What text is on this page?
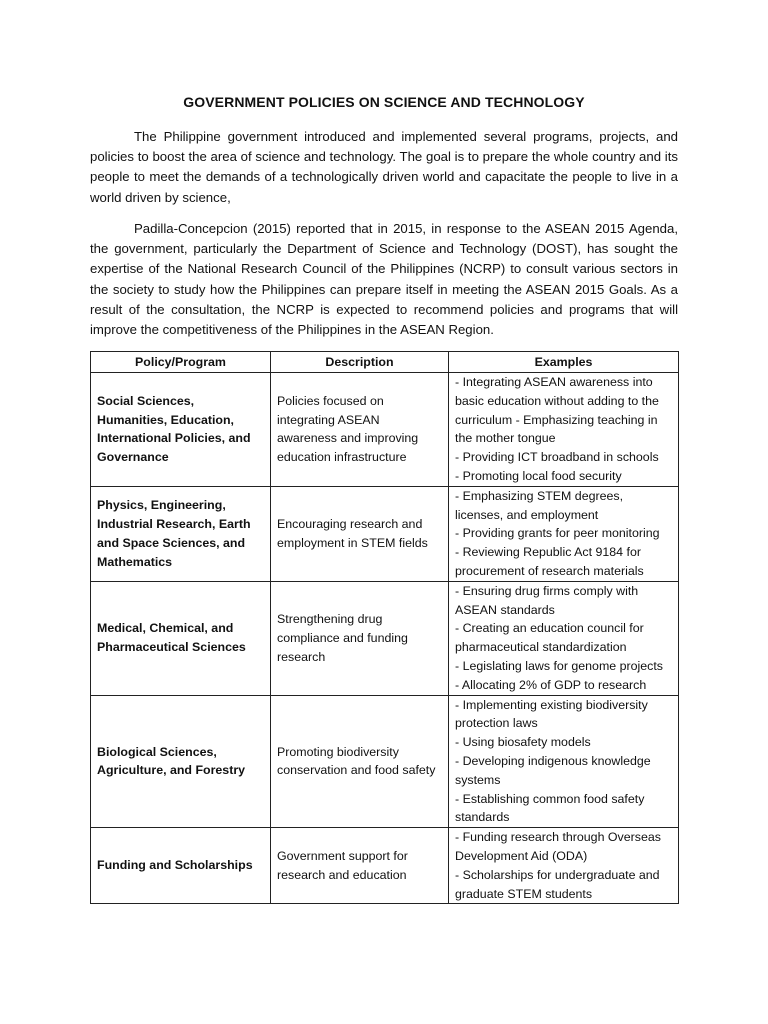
GOVERNMENT POLICIES ON SCIENCE AND TECHNOLOGY

The Philippine government introduced and implemented several programs, projects, and policies to boost the area of science and technology. The goal is to prepare the whole country and its people to meet the demands of a technologically driven world and capacitate the people to live in a world driven by science,

Padilla-Concepcion (2015) reported that in 2015, in response to the ASEAN 2015 Agenda, the government, particularly the Department of Science and Technology (DOST), has sought the expertise of the National Research Council of the Philippines (NCRP) to consult various sectors in the society to study how the Philippines can prepare itself in meeting the ASEAN 2015 Goals. As a result of the consultation, the NCRP is expected to recommend policies and programs that will improve the competitiveness of the Philippines in the ASEAN Region.

Policy/Program	Description	Examples
Social Sciences, Humanities, Education, International Policies, and Governance	Policies focused on integrating ASEAN awareness and improving education infrastructure	- Integrating ASEAN awareness into basic education without adding to the curriculum - Emphasizing teaching in the mother tongue
- Providing ICT broadband in schools
- Promoting local food security

Physics, Engineering, Industrial Research, Earth and Space Sciences, and Mathematics	Encouraging research and employment in STEM fields	- Emphasizing STEM degrees, licenses, and employment
- Providing grants for peer monitoring
- Reviewing Republic Act 9184 for procurement of research materials

Medical, Chemical, and Pharmaceutical Sciences	Strengthening drug compliance and funding research	- Ensuring drug firms comply with ASEAN standards
- Creating an education council for pharmaceutical standardization
- Legislating laws for genome projects
- Allocating 2% of GDP to research

Biological Sciences, Agriculture, and Forestry	Promoting biodiversity conservation and food safety	- Implementing existing biodiversity protection laws
- Using biosafety models
- Developing indigenous knowledge systems
- Establishing common food safety standards

Funding and Scholarships	Government support for research and education	- Funding research through Overseas Development Aid (ODA)
- Scholarships for undergraduate and graduate STEM students
